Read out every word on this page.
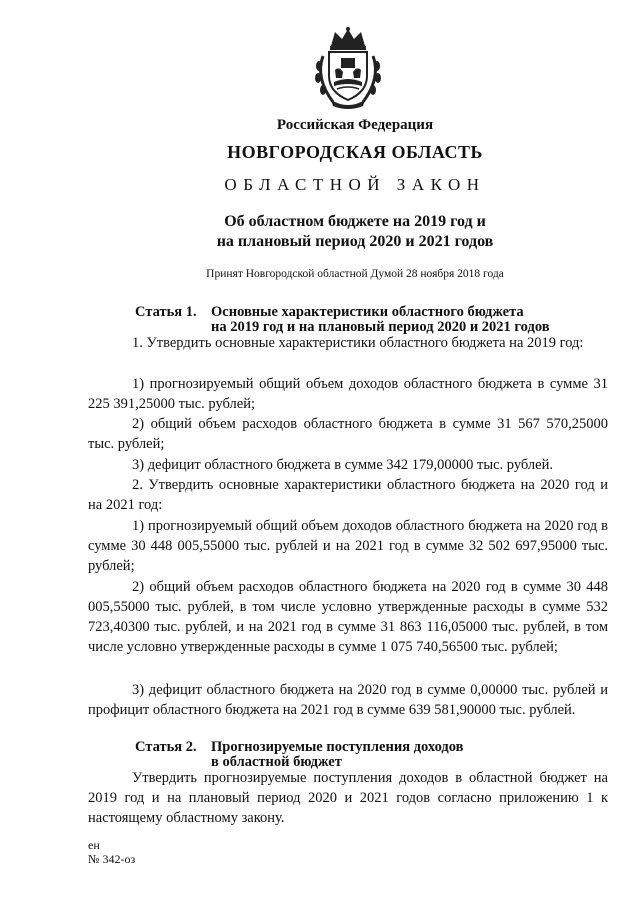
Российская Федерация
НОВГОРОДСКАЯ ОБЛАСТЬ
ОБЛАСТНОЙ ЗАКОН
Об областном бюджете на 2019 год и
на плановый период 2020 и 2021 годов
Принят Новгородской областной Думой 28 ноября 2018 года
Статья 1. Основные характеристики областного бюджета
на 2019 год и на плановый период 2020 и 2021 годов
1. Утвердить основные характеристики областного бюджета на 2019 год:
1) прогнозируемый общий объем доходов областного бюджета в сумме 31 225 391,25000 тыс. рублей;
2) общий объем расходов областного бюджета в сумме 31 567 570,25000 тыс. рублей;
3) дефицит областного бюджета в сумме 342 179,00000 тыс. рублей.
2. Утвердить основные характеристики областного бюджета на 2020 год и на 2021 год:
1) прогнозируемый общий объем доходов областного бюджета на 2020 год в сумме 30 448 005,55000 тыс. рублей и на 2021 год в сумме 32 502 697,95000 тыс. рублей;
2) общий объем расходов областного бюджета на 2020 год в сумме 30 448 005,55000 тыс. рублей, в том числе условно утвержденные расходы в сумме 532 723,40300 тыс. рублей, и на 2021 год в сумме 31 863 116,05000 тыс. рублей, в том числе условно утвержденные расходы в сумме 1 075 740,56500 тыс. рублей;
3) дефицит областного бюджета на 2020 год в сумме 0,00000 тыс. рублей и профицит областного бюджета на 2021 год в сумме 639 581,90000 тыс. рублей.
Статья 2. Прогнозируемые поступления доходов
в областной бюджет
Утвердить прогнозируемые поступления доходов в областной бюджет на 2019 год и на плановый период 2020 и 2021 годов согласно приложению 1 к настоящему областному закону.
ен
№ 342-оз
